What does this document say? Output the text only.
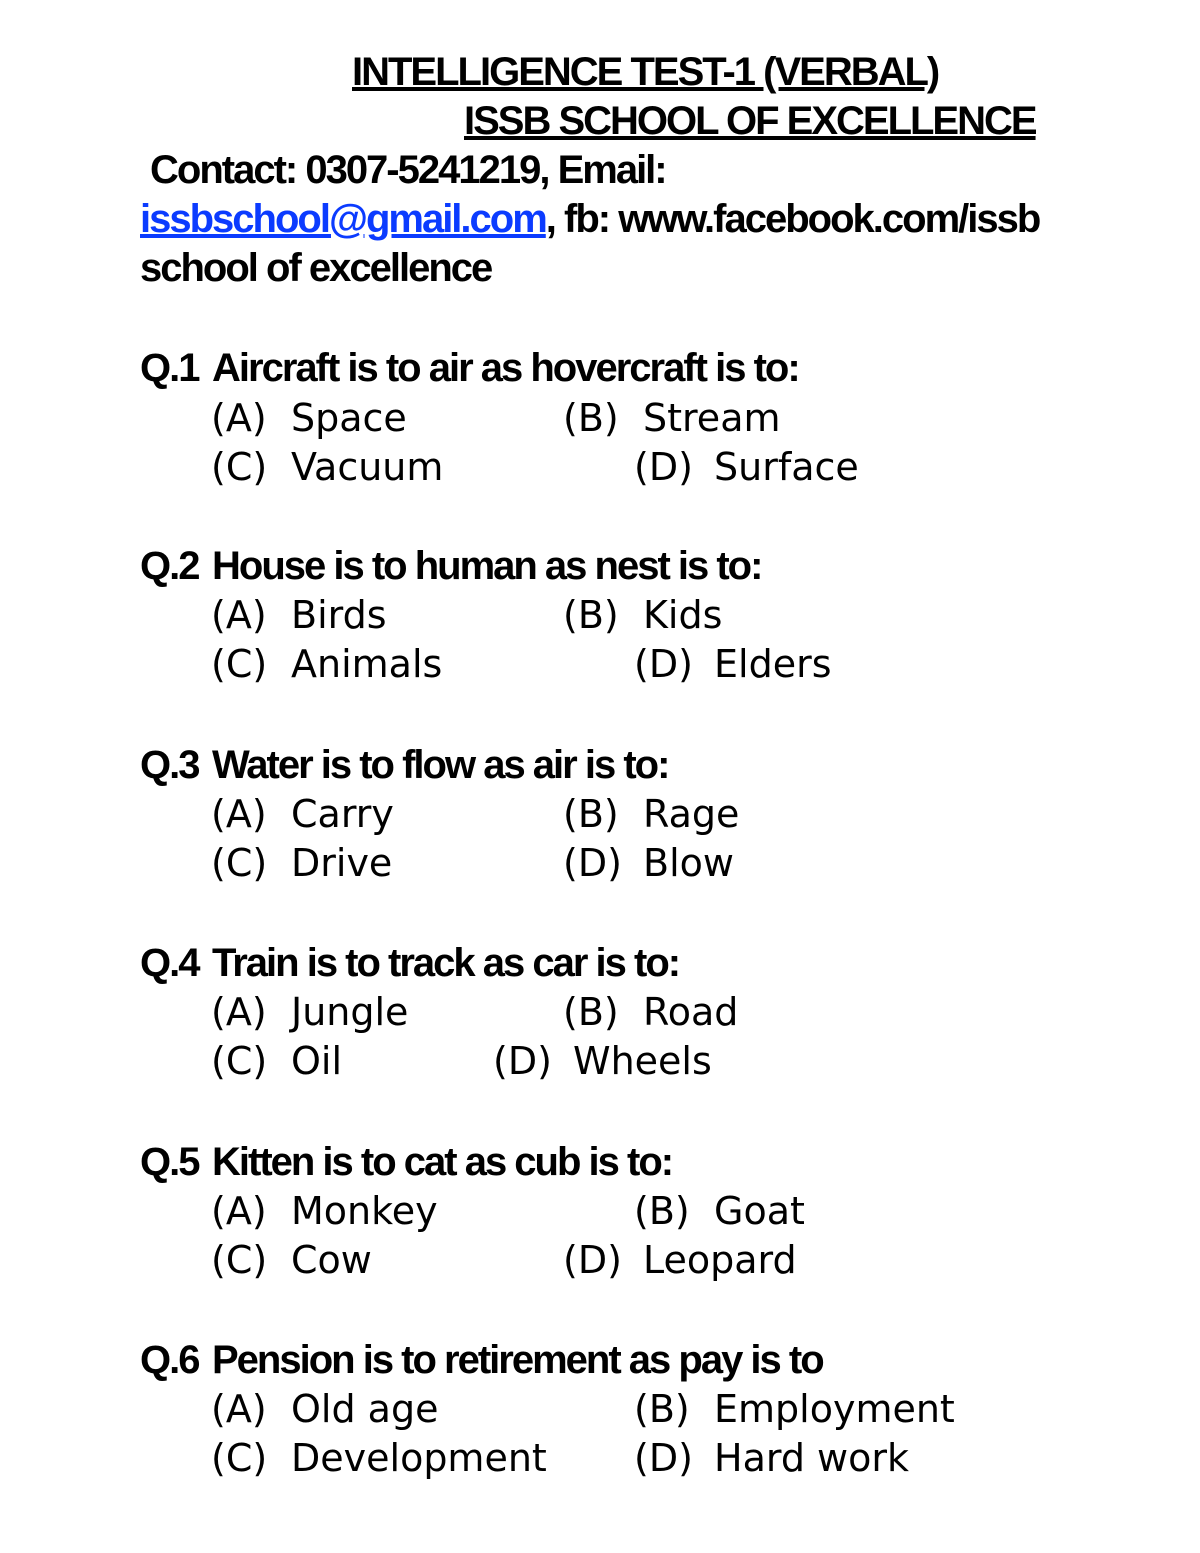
INTELLIGENCE TEST-1 (VERBAL)
ISSB SCHOOL OF EXCELLENCE
Contact: 0307-5241219, Email:
issbschool@gmail.com, fb: www.facebook.com/issb
school of excellence
Q.1 Aircraft is to air as hovercraft is to:
(A) Space	(B) Stream
(C) Vacuum	(D) Surface
Q.2 House is to human as nest is to:
(A) Birds	(B) Kids
(C) Animals	(D) Elders
Q.3 Water is to flow as air is to:
(A) Carry	(B) Rage
(C) Drive	(D) Blow
Q.4 Train is to track as car is to:
(A) Jungle	(B) Road
(C) Oil	(D) Wheels
Q.5 Kitten is to cat as cub is to:
(A) Monkey	(B) Goat
(C) Cow	(D) Leopard
Q.6 Pension is to retirement as pay is to
(A) Old age	(B) Employment
(C) Development (D) Hard work
